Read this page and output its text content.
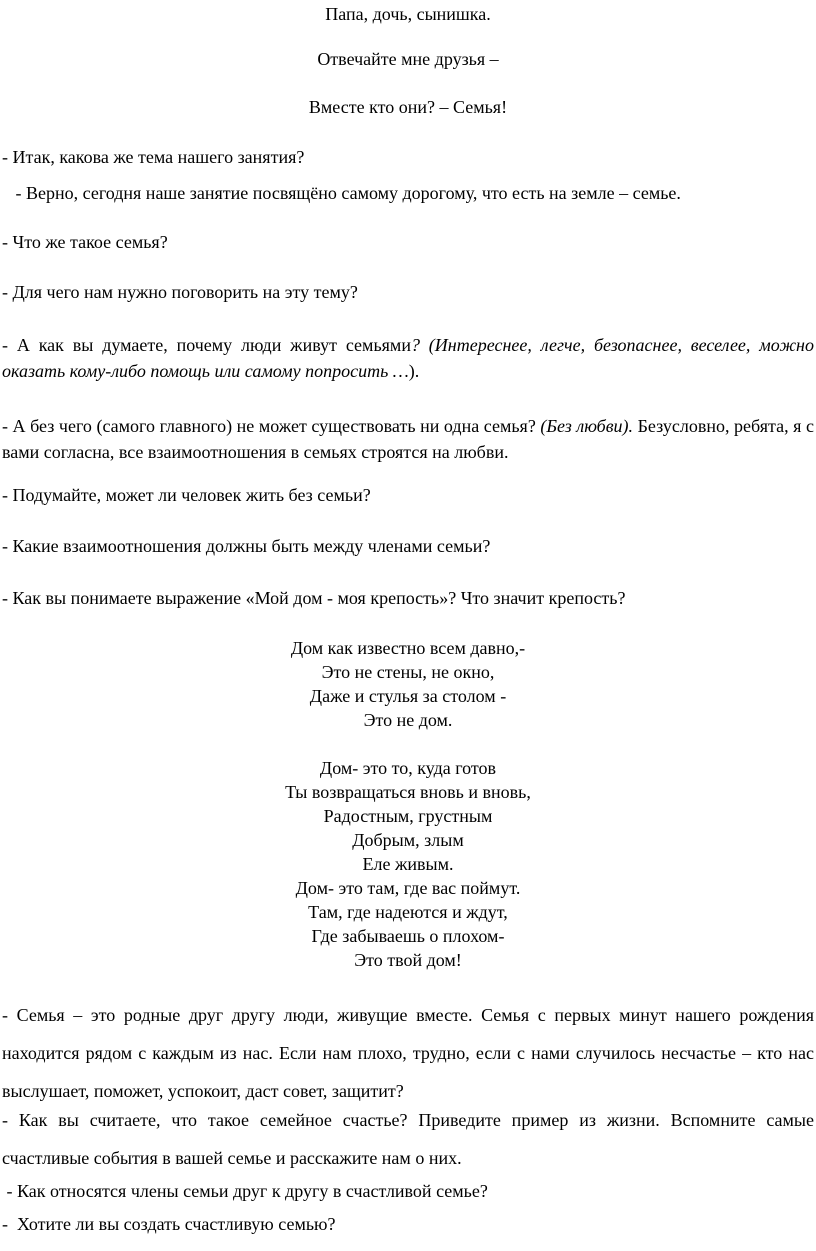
Папа, дочь, сынишка.
Отвечайте мне друзья –
Вместе кто они? – Семья!
- Итак, какова же тема нашего занятия?
- Верно, сегодня наше занятие посвящёно самому дорогому, что есть на земле – семье.
- Что же такое семья?
- Для чего нам нужно поговорить на эту тему?
- А как вы думаете, почему люди живут семьями? (Интереснее, легче, безопаснее, веселее, можно оказать кому-либо помощь или самому попросить …).
- А без чего (самого главного) не может существовать ни одна семья? (Без любви). Безусловно, ребята, я с вами согласна, все взаимоотношения в семьях строятся на любви.
- Подумайте, может ли человек жить без семьи?
- Какие взаимоотношения должны быть между членами семьи?
- Как вы понимаете выражение «Мой дом - моя крепость»? Что значит крепость?
Дом как известно всем давно,-
Это не стены, не окно,
Даже и стулья за столом -
Это не дом.
Дом- это то, куда готов
Ты возвращаться вновь и вновь,
Радостным, грустным
Добрым, злым
Еле живым.
Дом- это там, где вас поймут.
Там, где надеются и ждут,
Где забываешь о плохом-
Это твой дом!
- Семья – это родные друг другу люди, живущие вместе. Семья с первых минут нашего рождения находится рядом с каждым из нас. Если нам плохо, трудно, если с нами случилось несчастье – кто нас выслушает, поможет, успокоит, даст совет, защитит?
- Как вы считаете, что такое семейное счастье? Приведите пример из жизни. Вспомните самые счастливые события в вашей семье и расскажите нам о них.
- Как относятся члены семьи друг к другу в счастливой семье?
-  Хотите ли вы создать счастливую семью?
